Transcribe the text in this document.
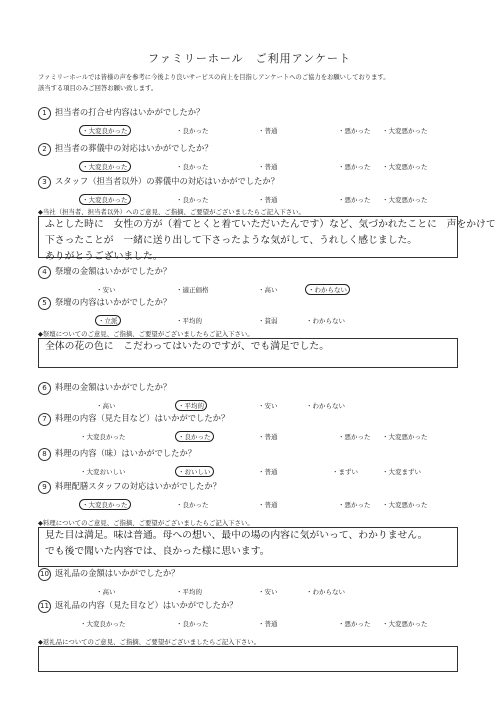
ファミリーホール　ご利用アンケート
ファミリーホールでは皆様の声を参考に今後より良いサービスの向上を目指しアンケートへのご協力をお願いしております。
該当する項目のみご回答お願い致します。
1 担当者の打合せ内容はいかがでしたか？
・大変良かった	・良かった	・普通	・悪かった ・大変悪かった
2 担当者の葬儀中の対応はいかがでしたか？
・大変良かった	・良かった	・普通	・悪かった ・大変悪かった
3 スタッフ（担当者以外）の葬儀中の対応はいかがでしたか？
・大変良かった	・良かった	・普通	・悪かった ・大変悪かった
◆当社（担当者、担当者以外）へのご意見、ご指摘、ご要望がございましたらご記入下さい。
ふとした時に　女性の方が（着てとくと着ていただいたんです）など、気づかれたことに　声をかけて
下さったことが　一緒に送り出して下さったような気がして、うれしく感じました。
ありがとうございました。
4 祭壇の金額はいかがでしたか？
・安い	・適正価格	・高い	・わからない
5 祭壇の内容はいかがでしたか？
・立派	・平均的	・貧弱	・わからない
◆祭壇についてのご意見、ご指摘、ご要望がございましたらご記入下さい。
全体の花の色に　こだわってはいたのですが、でも満足でした。
6 料理の金額はいかがでしたか？
・高い	・平均的	・安い	・わからない
7 料理の内容（見た目など）はいかがでしたか？
・大変良かった	・良かった	・普通	・悪かった ・大変悪かった
8 料理の内容（味）はいかがでしたか？
・大変おいしい	・おいしい	・普通	・まずい	・大変まずい
9 料理配膳スタッフの対応はいかがでしたか？
・大変良かった	・良かった	・普通	・悪かった ・大変悪かった
◆料理についてのご意見、ご指摘、ご要望がございましたらご記入下さい。
見た目は満足。味は普通。母への想い、最中の場の内容に気がいって、わかりません。
でも後で聞いた内容では、良かった様に思います。
10 返礼品の金額はいかがでしたか？
・高い	・平均的	・安い	・わからない
11 返礼品の内容（見た目など）はいかがでしたか？
・大変良かった	・良かった	・普通	・悪かった ・大変悪かった
◆返礼品についてのご意見、ご指摘、ご要望がございましたらご記入下さい。
